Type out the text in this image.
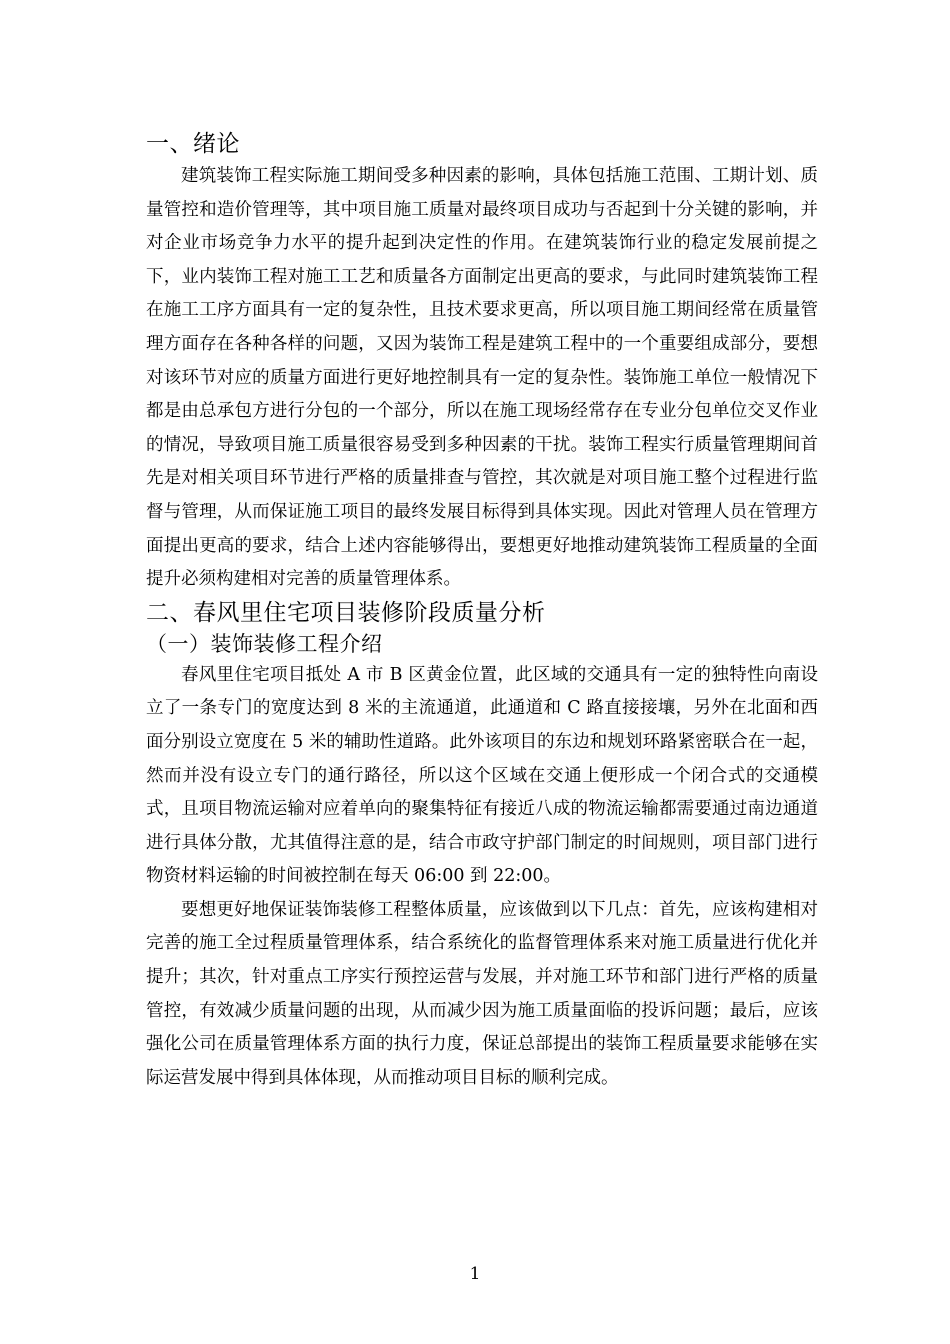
一、绪论

建筑装饰工程实际施工期间受多种因素的影响，具体包括施工范围、工期计划、质量管控和造价管理等，其中项目施工质量对最终项目成功与否起到十分关键的影响，并对企业市场竞争力水平的提升起到决定性的作用。在建筑装饰行业的稳定发展前提之下，业内装饰工程对施工工艺和质量各方面制定出更高的要求，与此同时建筑装饰工程在施工工序方面具有一定的复杂性，且技术要求更高，所以项目施工期间经常在质量管理方面存在各种各样的问题，又因为装饰工程是建筑工程中的一个重要组成部分，要想对该环节对应的质量方面进行更好地控制具有一定的复杂性。装饰施工单位一般情况下都是由总承包方进行分包的一个部分，所以在施工现场经常存在专业分包单位交叉作业的情况，导致项目施工质量很容易受到多种因素的干扰。装饰工程实行质量管理期间首先是对相关项目环节进行严格的质量排查与管控，其次就是对项目施工整个过程进行监督与管理，从而保证施工项目的最终发展目标得到具体实现。因此对管理人员在管理方面提出更高的要求，结合上述内容能够得出，要想更好地推动建筑装饰工程质量的全面提升必须构建相对完善的质量管理体系。

二、春风里住宅项目装修阶段质量分析
（一）装饰装修工程介绍

春风里住宅项目抵处 A 市 B 区黄金位置，此区域的交通具有一定的独特性向南设立了一条专门的宽度达到 8 米的主流通道，此通道和 C 路直接接壤，另外在北面和西面分别设立宽度在 5 米的辅助性道路。此外该项目的东边和规划环路紧密联合在一起，然而并没有设立专门的通行路径，所以这个区域在交通上便形成一个闭合式的交通模式，且项目物流运输对应着单向的聚集特征有接近八成的物流运输都需要通过南边通道进行具体分散，尤其值得注意的是，结合市政守护部门制定的时间规则，项目部门进行物资材料运输的时间被控制在每天 06:00 到 22:00。

要想更好地保证装饰装修工程整体质量，应该做到以下几点：首先，应该构建相对完善的施工全过程质量管理体系，结合系统化的监督管理体系来对施工质量进行优化并提升；其次，针对重点工序实行预控运营与发展，并对施工环节和部门进行严格的质量管控，有效减少质量问题的出现，从而减少因为施工质量面临的投诉问题；最后，应该强化公司在质量管理体系方面的执行力度，保证总部提出的装饰工程质量要求能够在实际运营发展中得到具体体现，从而推动项目目标的顺利完成。

1
